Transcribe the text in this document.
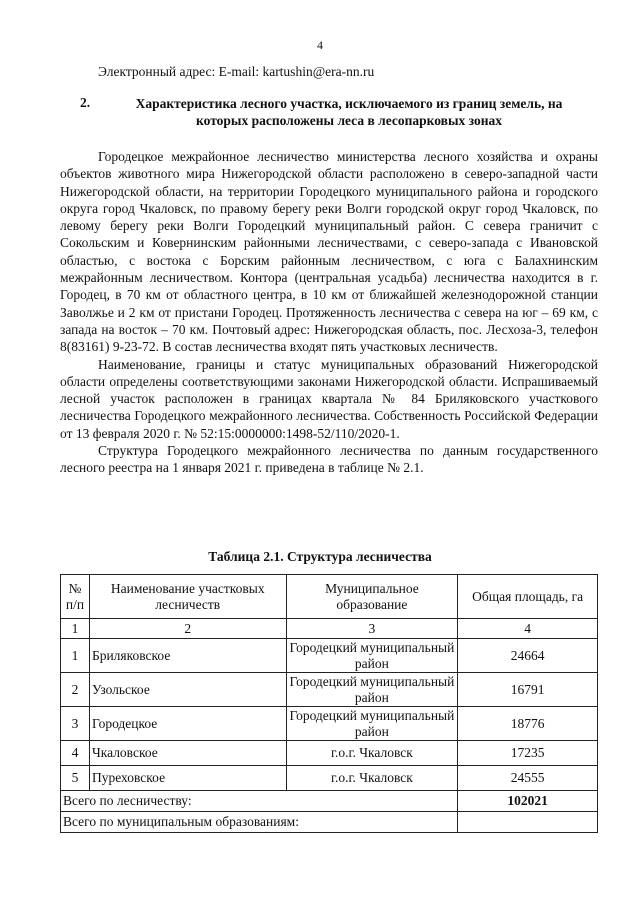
4
Электронный адрес: E-mail: kartushin@era-nn.ru
2.	Характеристика лесного участка, исключаемого из границ земель, на которых расположены леса в лесопарковых зонах

Городецкое межрайонное лесничество министерства лесного хозяйства и охраны объектов животного мира Нижегородской области расположено в северо-западной части Нижегородской области, на территории Городецкого муниципального района и городского округа город Чкаловск, по правому берегу реки Волги городской округ город Чкаловск, по левому берегу реки Волги Городецкий муниципальный район. С севера граничит с Сокольским и Ковернинским районными лесничествами, с северо-запада с Ивановской областью, с востока с Борским районным лесничеством, с юга с Балахнинским межрайонным лесничеством. Контора (центральная усадьба) лесничества находится в г. Городец, в 70 км от областного центра, в 10 км от ближайшей железнодорожной станции Заволжье и 2 км от пристани Городец. Протяженность лесничества с севера на юг – 69 км, с запада на восток – 70 км. Почтовый адрес: Нижегородская область, пос. Лесхоза-3, телефон 8(83161) 9-23-72. В состав лесничества входят пять участковых лесничеств.

Наименование, границы и статус муниципальных образований Нижегородской области определены соответствующими законами Нижегородской области. Испрашиваемый лесной участок расположен в границах квартала № 84 Бриляковского участкового лесничества Городецкого межрайонного лесничества. Собственность Российской Федерации от 13 февраля 2020 г. № 52:15:0000000:1498-52/110/2020-1.

Структура Городецкого межрайонного лесничества по данным государственного лесного реестра на 1 января 2021 г. приведена в таблице № 2.1.

Таблица 2.1. Структура лесничества
№ п/п	Наименование участковых лесничеств	Муниципальное образование	Общая площадь, га
1	2	3	4
1	Бриляковское	Городецкий муниципальный район	24664
2	Узольское	Городецкий муниципальный район	16791
3	Городецкое	Городецкий муниципальный район	18776
4	Чкаловское	г.о.г. Чкаловск	17235
5	Пуреховское	г.о.г. Чкаловск	24555
Всего по лесничеству:			102021
Всего по муниципальным образованиям:			
